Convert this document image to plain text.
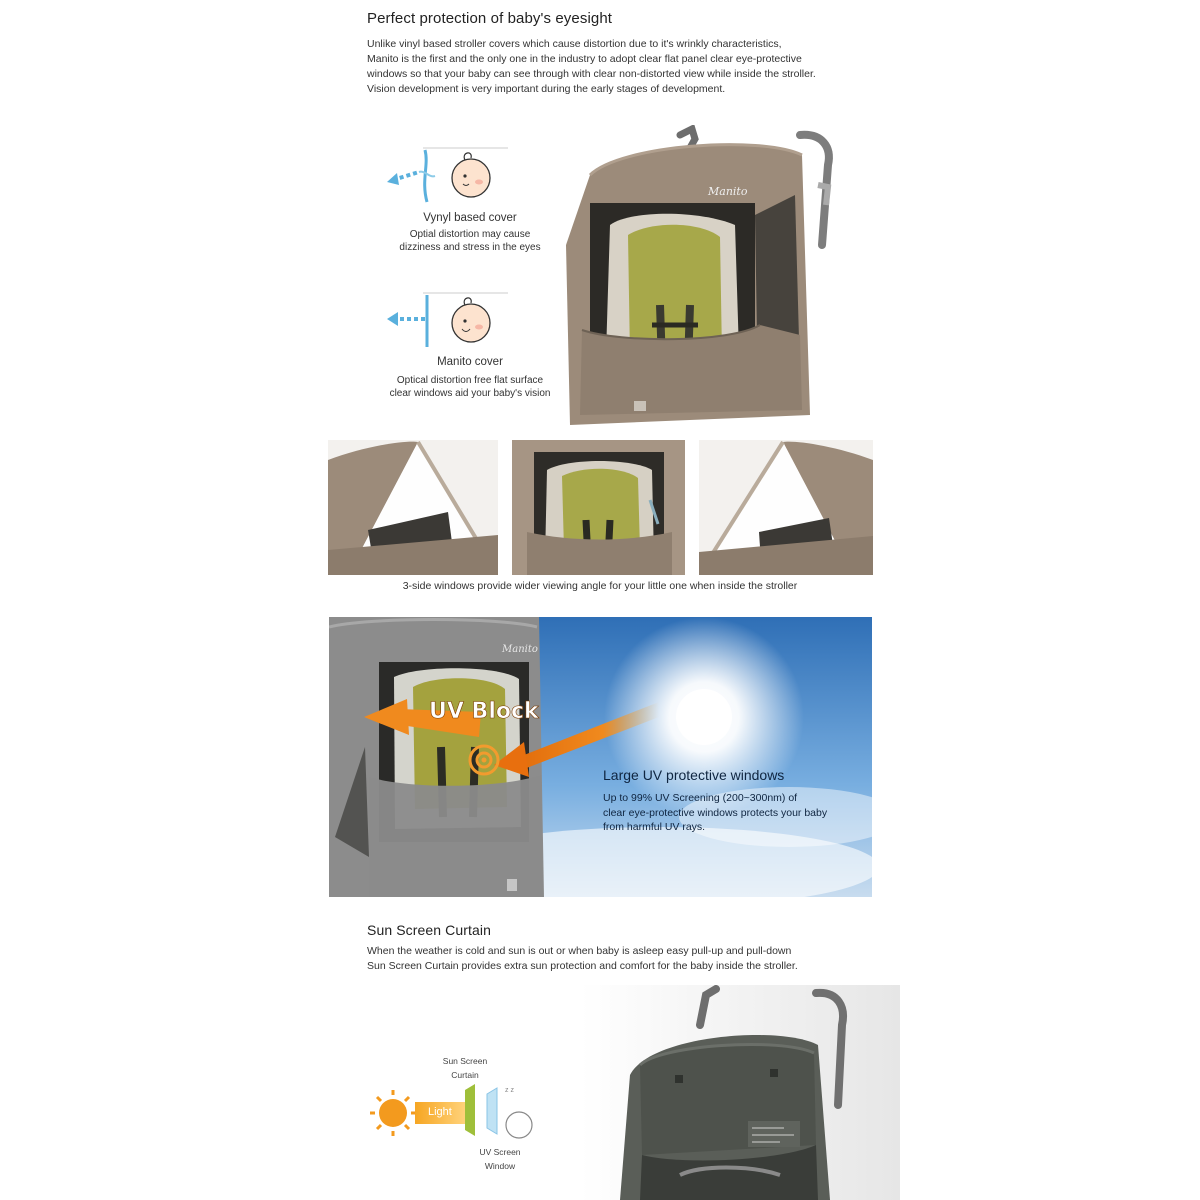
Perfect protection of baby's eyesight
Unlike vinyl based stroller covers which cause distortion due to it's wrinkly characteristics,
Manito is the first and the only one in the industry to adopt clear flat panel clear eye-protective
windows so that your baby can see through with clear non-distorted view while inside the stroller.
Vision development is very important during the early stages of development.
Vynyl based cover
Optial distortion may cause
dizziness and stress in the eyes
Manito cover
Optical distortion free flat surface
clear windows aid your baby's vision
Manito
3-side windows provide wider viewing angle for your little one when inside the stroller
Manito
UV Block
Large UV protective windows
Up to 99% UV Screening (200~300nm) of
clear eye-protective windows protects your baby
from harmful UV rays.
Sun Screen Curtain
When the weather is cold and sun is out or when baby is asleep easy pull-up and pull-down
Sun Screen Curtain provides extra sun protection and comfort for the baby inside the stroller.
Sun Screen
Curtain
Light
z z
UV Screen
Window
